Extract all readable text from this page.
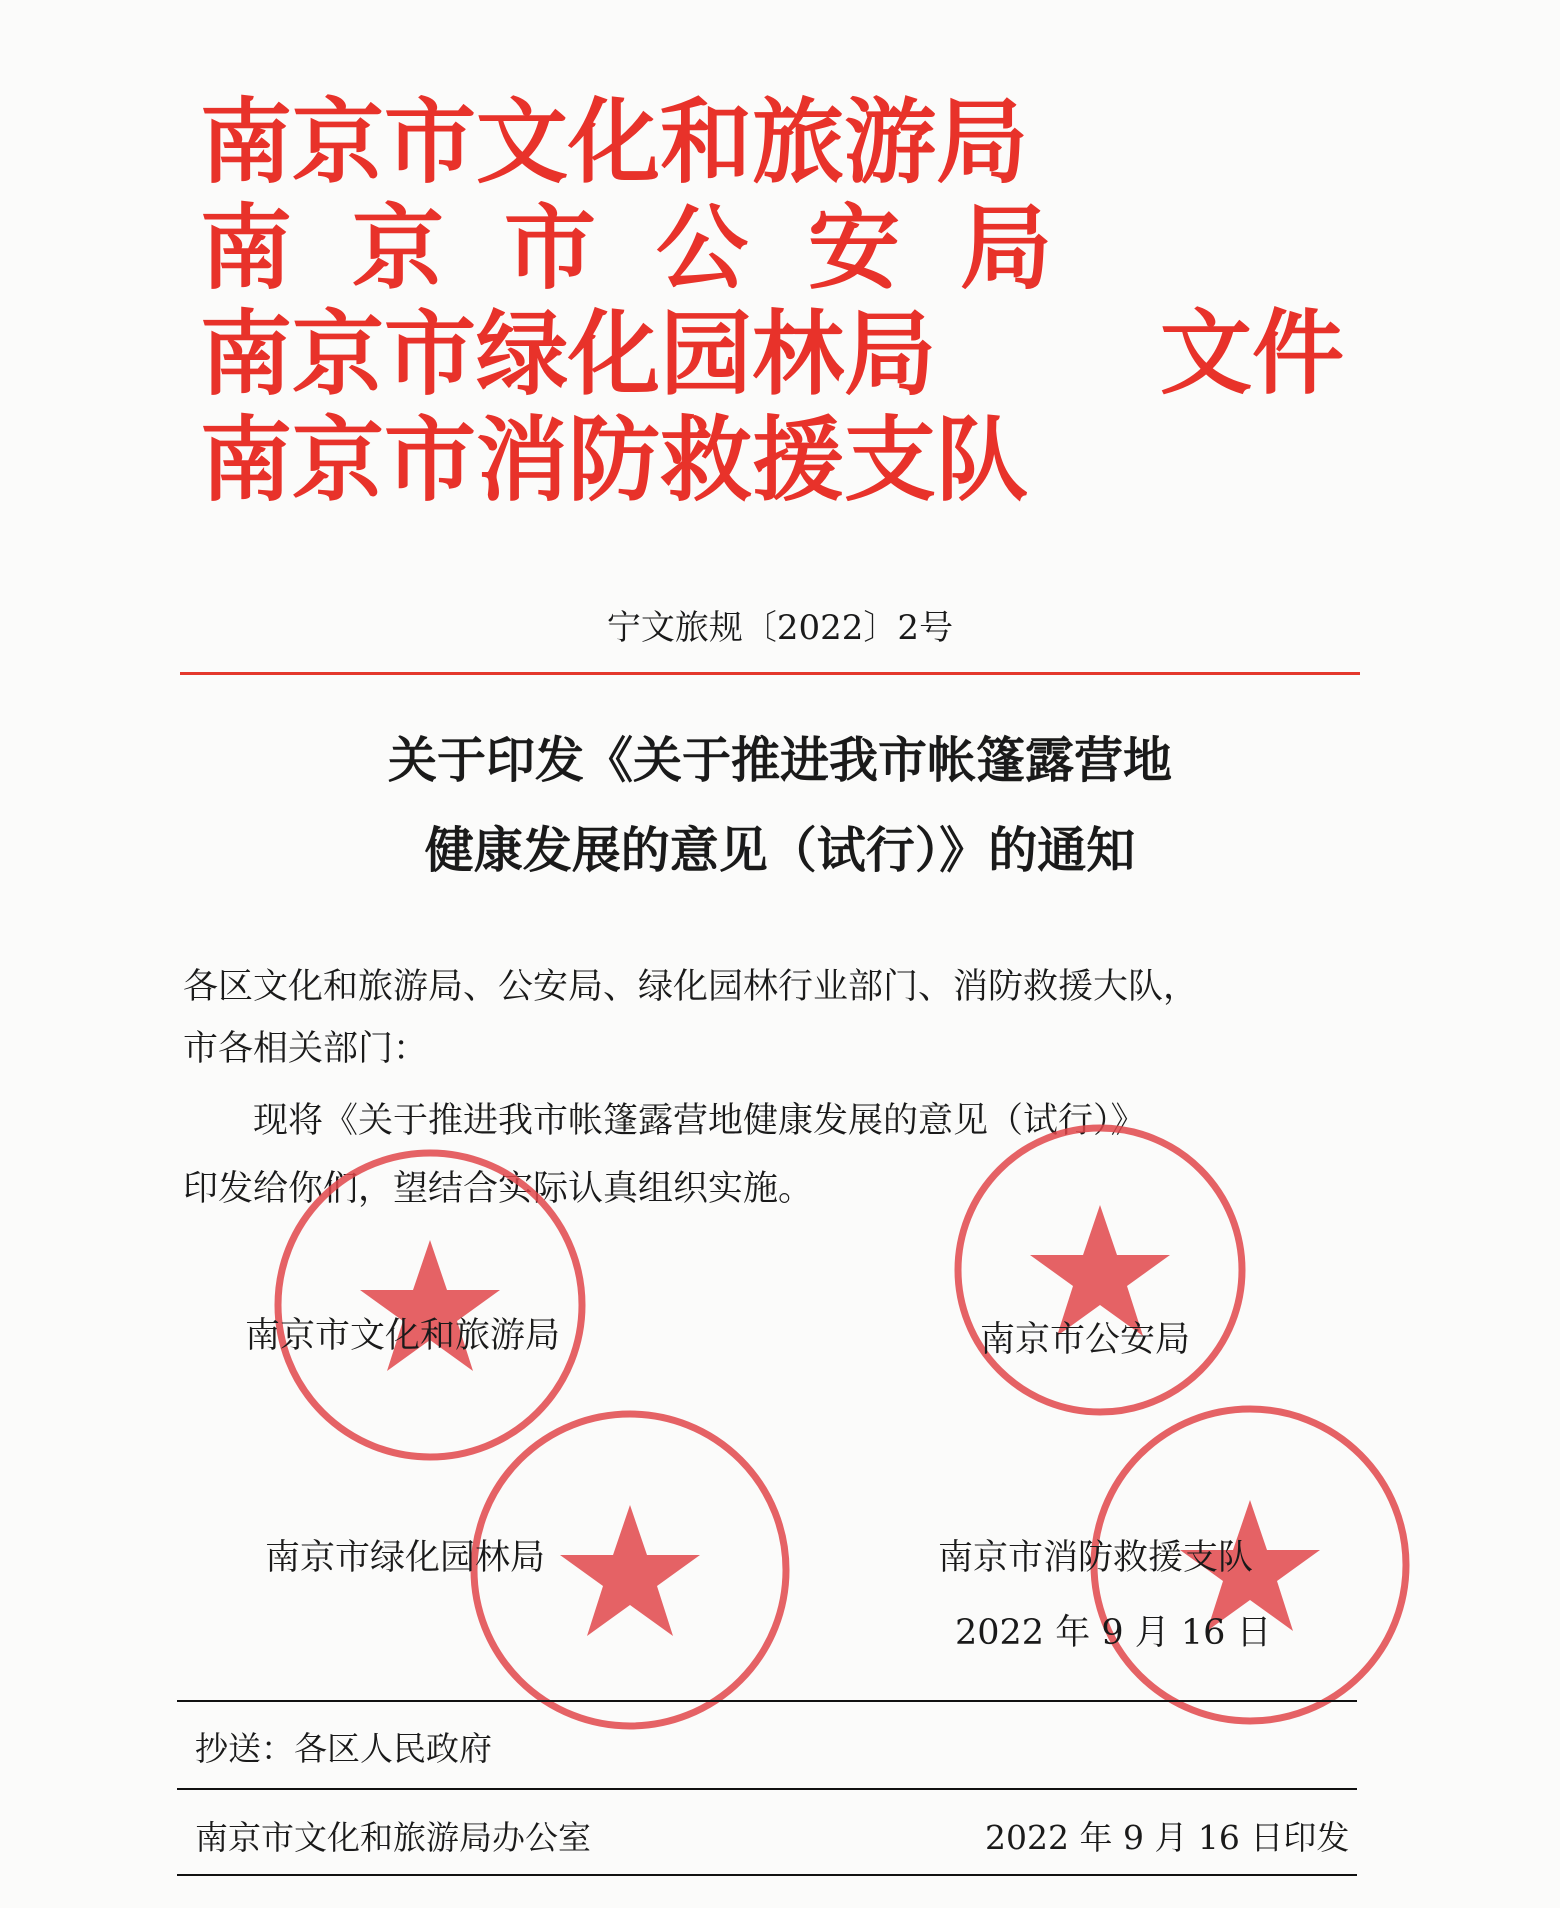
南京市文化和旅游局
南京市公安局
南京市绿化园林局
南京市消防救援支队
文件
宁文旅规〔2022〕2号
关于印发《关于推进我市帐篷露营地
健康发展的意见（试行）》的通知
各区文化和旅游局、公安局、绿化园林行业部门、消防救援大队，
市各相关部门：
现将《关于推进我市帐篷露营地健康发展的意见（试行）》
印发给你们，望结合实际认真组织实施。
南京市文化和旅游局	南京市公安局
南京市绿化园林局	南京市消防救援支队
2022 年 9 月 16 日
抄送：各区人民政府
南京市文化和旅游局办公室	2022 年 9 月 16 日印发
